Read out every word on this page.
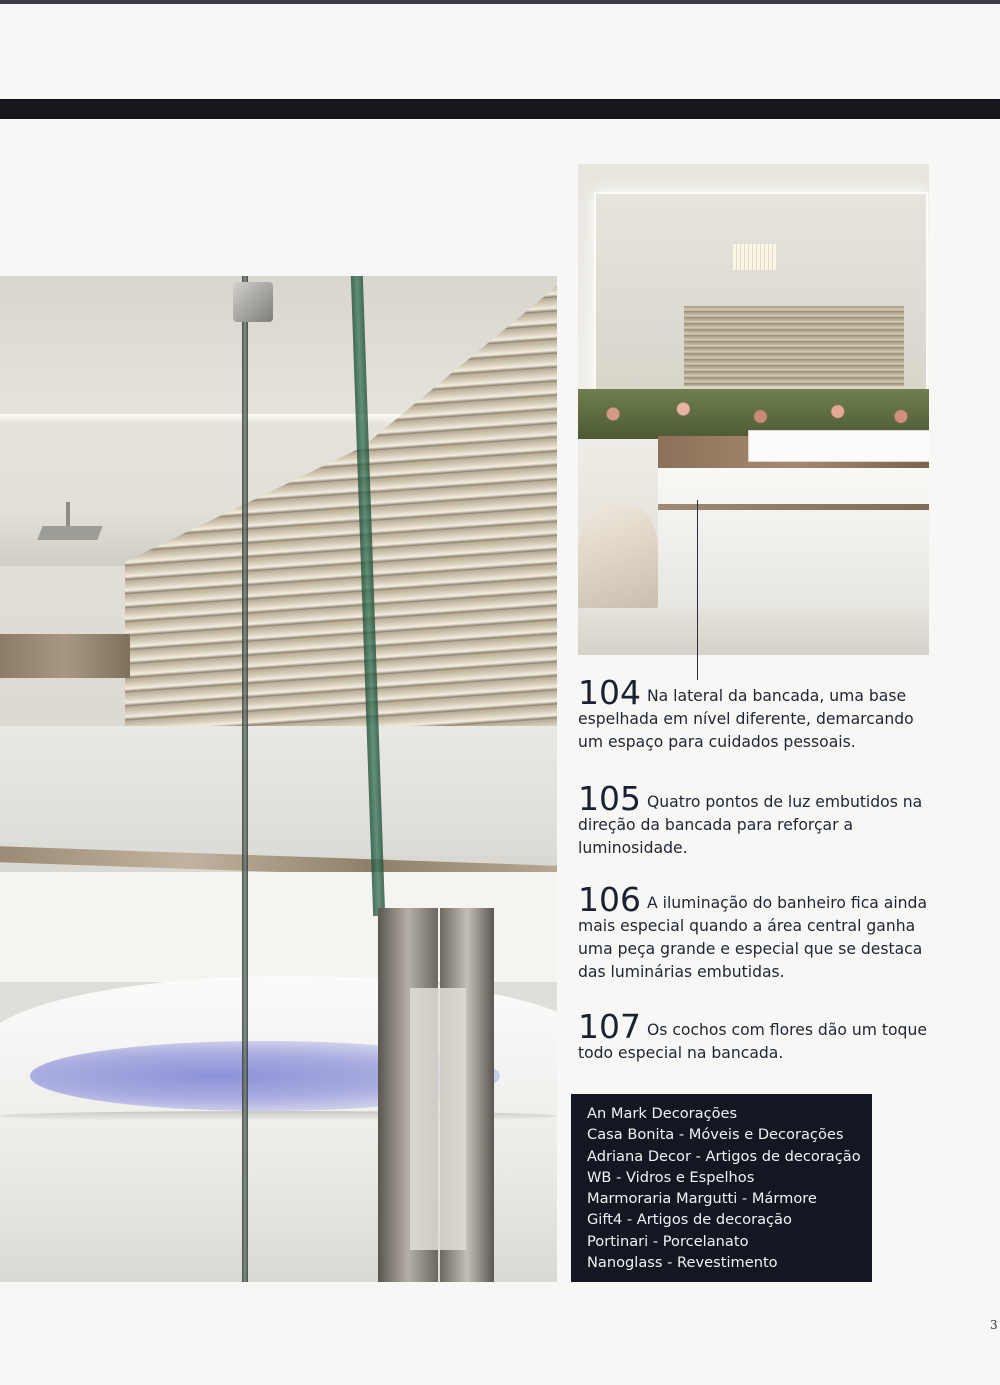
104 Na lateral da bancada, uma base espelhada em nível diferente, demarcando um espaço para cuidados pessoais.
105 Quatro pontos de luz embutidos na direção da bancada para reforçar a luminosidade.
106 A iluminação do banheiro fica ainda mais especial quando a área central ganha uma peça grande e especial que se destaca das luminárias embutidas.
107 Os cochos com flores dão um toque todo especial na bancada.
An Mark Decorações
Casa Bonita - Móveis e Decorações
Adriana Decor - Artigos de decoração
WB - Vidros e Espelhos
Marmoraria Margutti - Mármore
Gift4 - Artigos de decoração
Portinari - Porcelanato
Nanoglass - Revestimento
3
